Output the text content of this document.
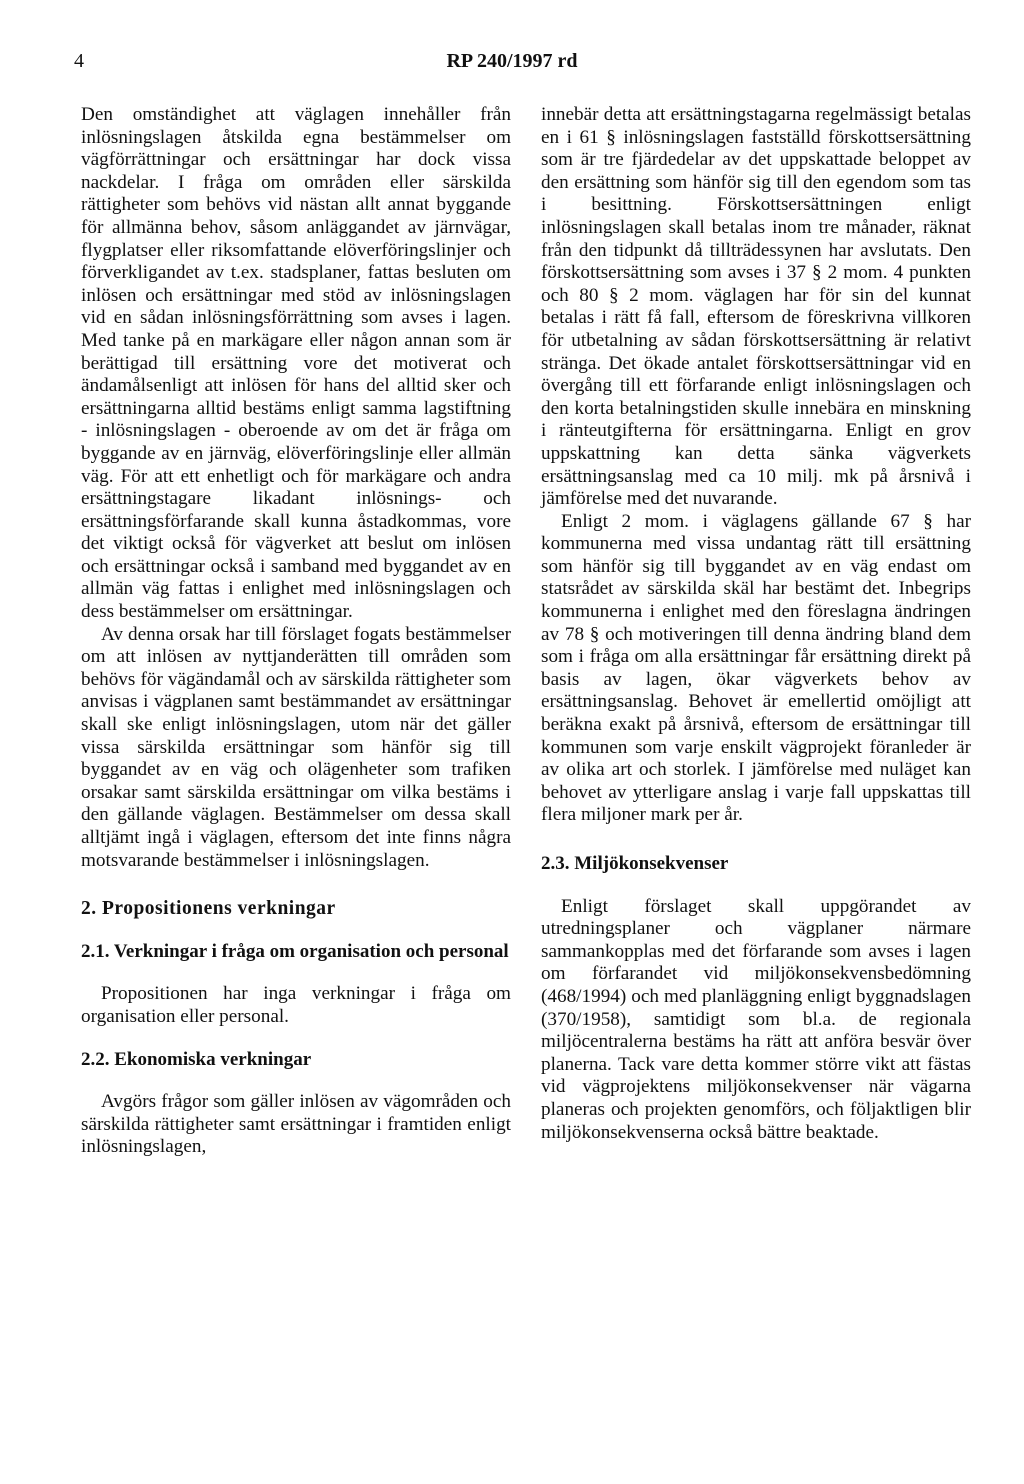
4	RP 240/1997 rd

Den omständighet att väglagen innehåller från inlösningslagen åtskilda egna bestämmelser om vägförrättningar och ersättningar har dock vissa nackdelar. I fråga om områden eller särskilda rättigheter som behövs vid nästan allt annat byggande för allmänna behov, såsom anläggandet av järnvägar, flygplatser eller riksomfattande elöverföringslinjer och förverkligandet av t.ex. stadsplaner, fattas besluten om inlösen och ersättningar med stöd av inlösningslagen vid en sådan inlösningsförrättning som avses i lagen. Med tanke på en markägare eller någon annan som är berättigad till ersättning vore det motiverat och ändamålsenligt att inlösen för hans del alltid sker och ersättningarna alltid bestäms enligt samma lagstiftning - inlösningslagen - oberoende av om det är fråga om byggande av en järnväg, elöverföringslinje eller allmän väg. För att ett enhetligt och för markägare och andra ersättningstagare likadant inlösnings- och ersättningsförfarande skall kunna åstadkommas, vore det viktigt också för vägverket att beslut om inlösen och ersättningar också i samband med byggandet av en allmän väg fattas i enlighet med inlösningslagen och dess bestämmelser om ersättningar.

Av denna orsak har till förslaget fogats bestämmelser om att inlösen av nyttjanderätten till områden som behövs för vägändamål och av särskilda rättigheter som anvisas i vägplanen samt bestämmandet av ersättningar skall ske enligt inlösningslagen, utom när det gäller vissa särskilda ersättningar som hänför sig till byggandet av en väg och olägenheter som trafiken orsakar samt särskilda ersättningar om vilka bestäms i den gällande väglagen. Bestämmelser om dessa skall alltjämt ingå i väglagen, eftersom det inte finns några motsvarande bestämmelser i inlösningslagen.

2. Propositionens verkningar
2.1. Verkningar i fråga om organisation och personal

Propositionen har inga verkningar i fråga om organisation eller personal.

2.2. Ekonomiska verkningar

Avgörs frågor som gäller inlösen av vägområden och särskilda rättigheter samt ersättningar i framtiden enligt inlösningslagen,

innebär detta att ersättningstagarna regelmässigt betalas en i 61 § inlösningslagen fastställd förskottsersättning som är tre fjärdedelar av det uppskattade beloppet av den ersättning som hänför sig till den egendom som tas i besittning. Förskottsersättningen enligt inlösningslagen skall betalas inom tre månader, räknat från den tidpunkt då tillträdessynen har avslutats. Den förskottsersättning som avses i 37 § 2 mom. 4 punkten och 80 § 2 mom. väglagen har för sin del kunnat betalas i rätt få fall, eftersom de föreskrivna villkoren för utbetalning av sådan förskottsersättning är relativt stränga. Det ökade antalet förskottsersättningar vid en övergång till ett förfarande enligt inlösningslagen och den korta betalningstiden skulle innebära en minskning i ränteutgifterna för ersättningarna. Enligt en grov uppskattning kan detta sänka vägverkets ersättningsanslag med ca 10 milj. mk på årsnivå i jämförelse med det nuvarande.

Enligt 2 mom. i väglagens gällande 67 § har kommunerna med vissa undantag rätt till ersättning som hänför sig till byggandet av en väg endast om statsrådet av särskilda skäl har bestämt det. Inbegrips kommunerna i enlighet med den föreslagna ändringen av 78 § och motiveringen till denna ändring bland dem som i fråga om alla ersättningar får ersättning direkt på basis av lagen, ökar vägverkets behov av ersättningsanslag. Behovet är emellertid omöjligt att beräkna exakt på årsnivå, eftersom de ersättningar till kommunen som varje enskilt vägprojekt föranleder är av olika art och storlek. I jämförelse med nuläget kan behovet av ytterligare anslag i varje fall uppskattas till flera miljoner mark per år.

2.3. Miljökonsekvenser

Enligt förslaget skall uppgörandet av utredningsplaner och vägplaner närmare sammankopplas med det förfarande som avses i lagen om förfarandet vid miljökonsekvensbedömning (468/1994) och med planläggning enligt byggnadslagen (370/1958), samtidigt som bl.a. de regionala miljöcentralerna bestäms ha rätt att anföra besvär över planerna. Tack vare detta kommer större vikt att fästas vid vägprojektens miljökonsekvenser när vägarna planeras och projekten genomförs, och följaktligen blir miljökonsekvenserna också bättre beaktade.
